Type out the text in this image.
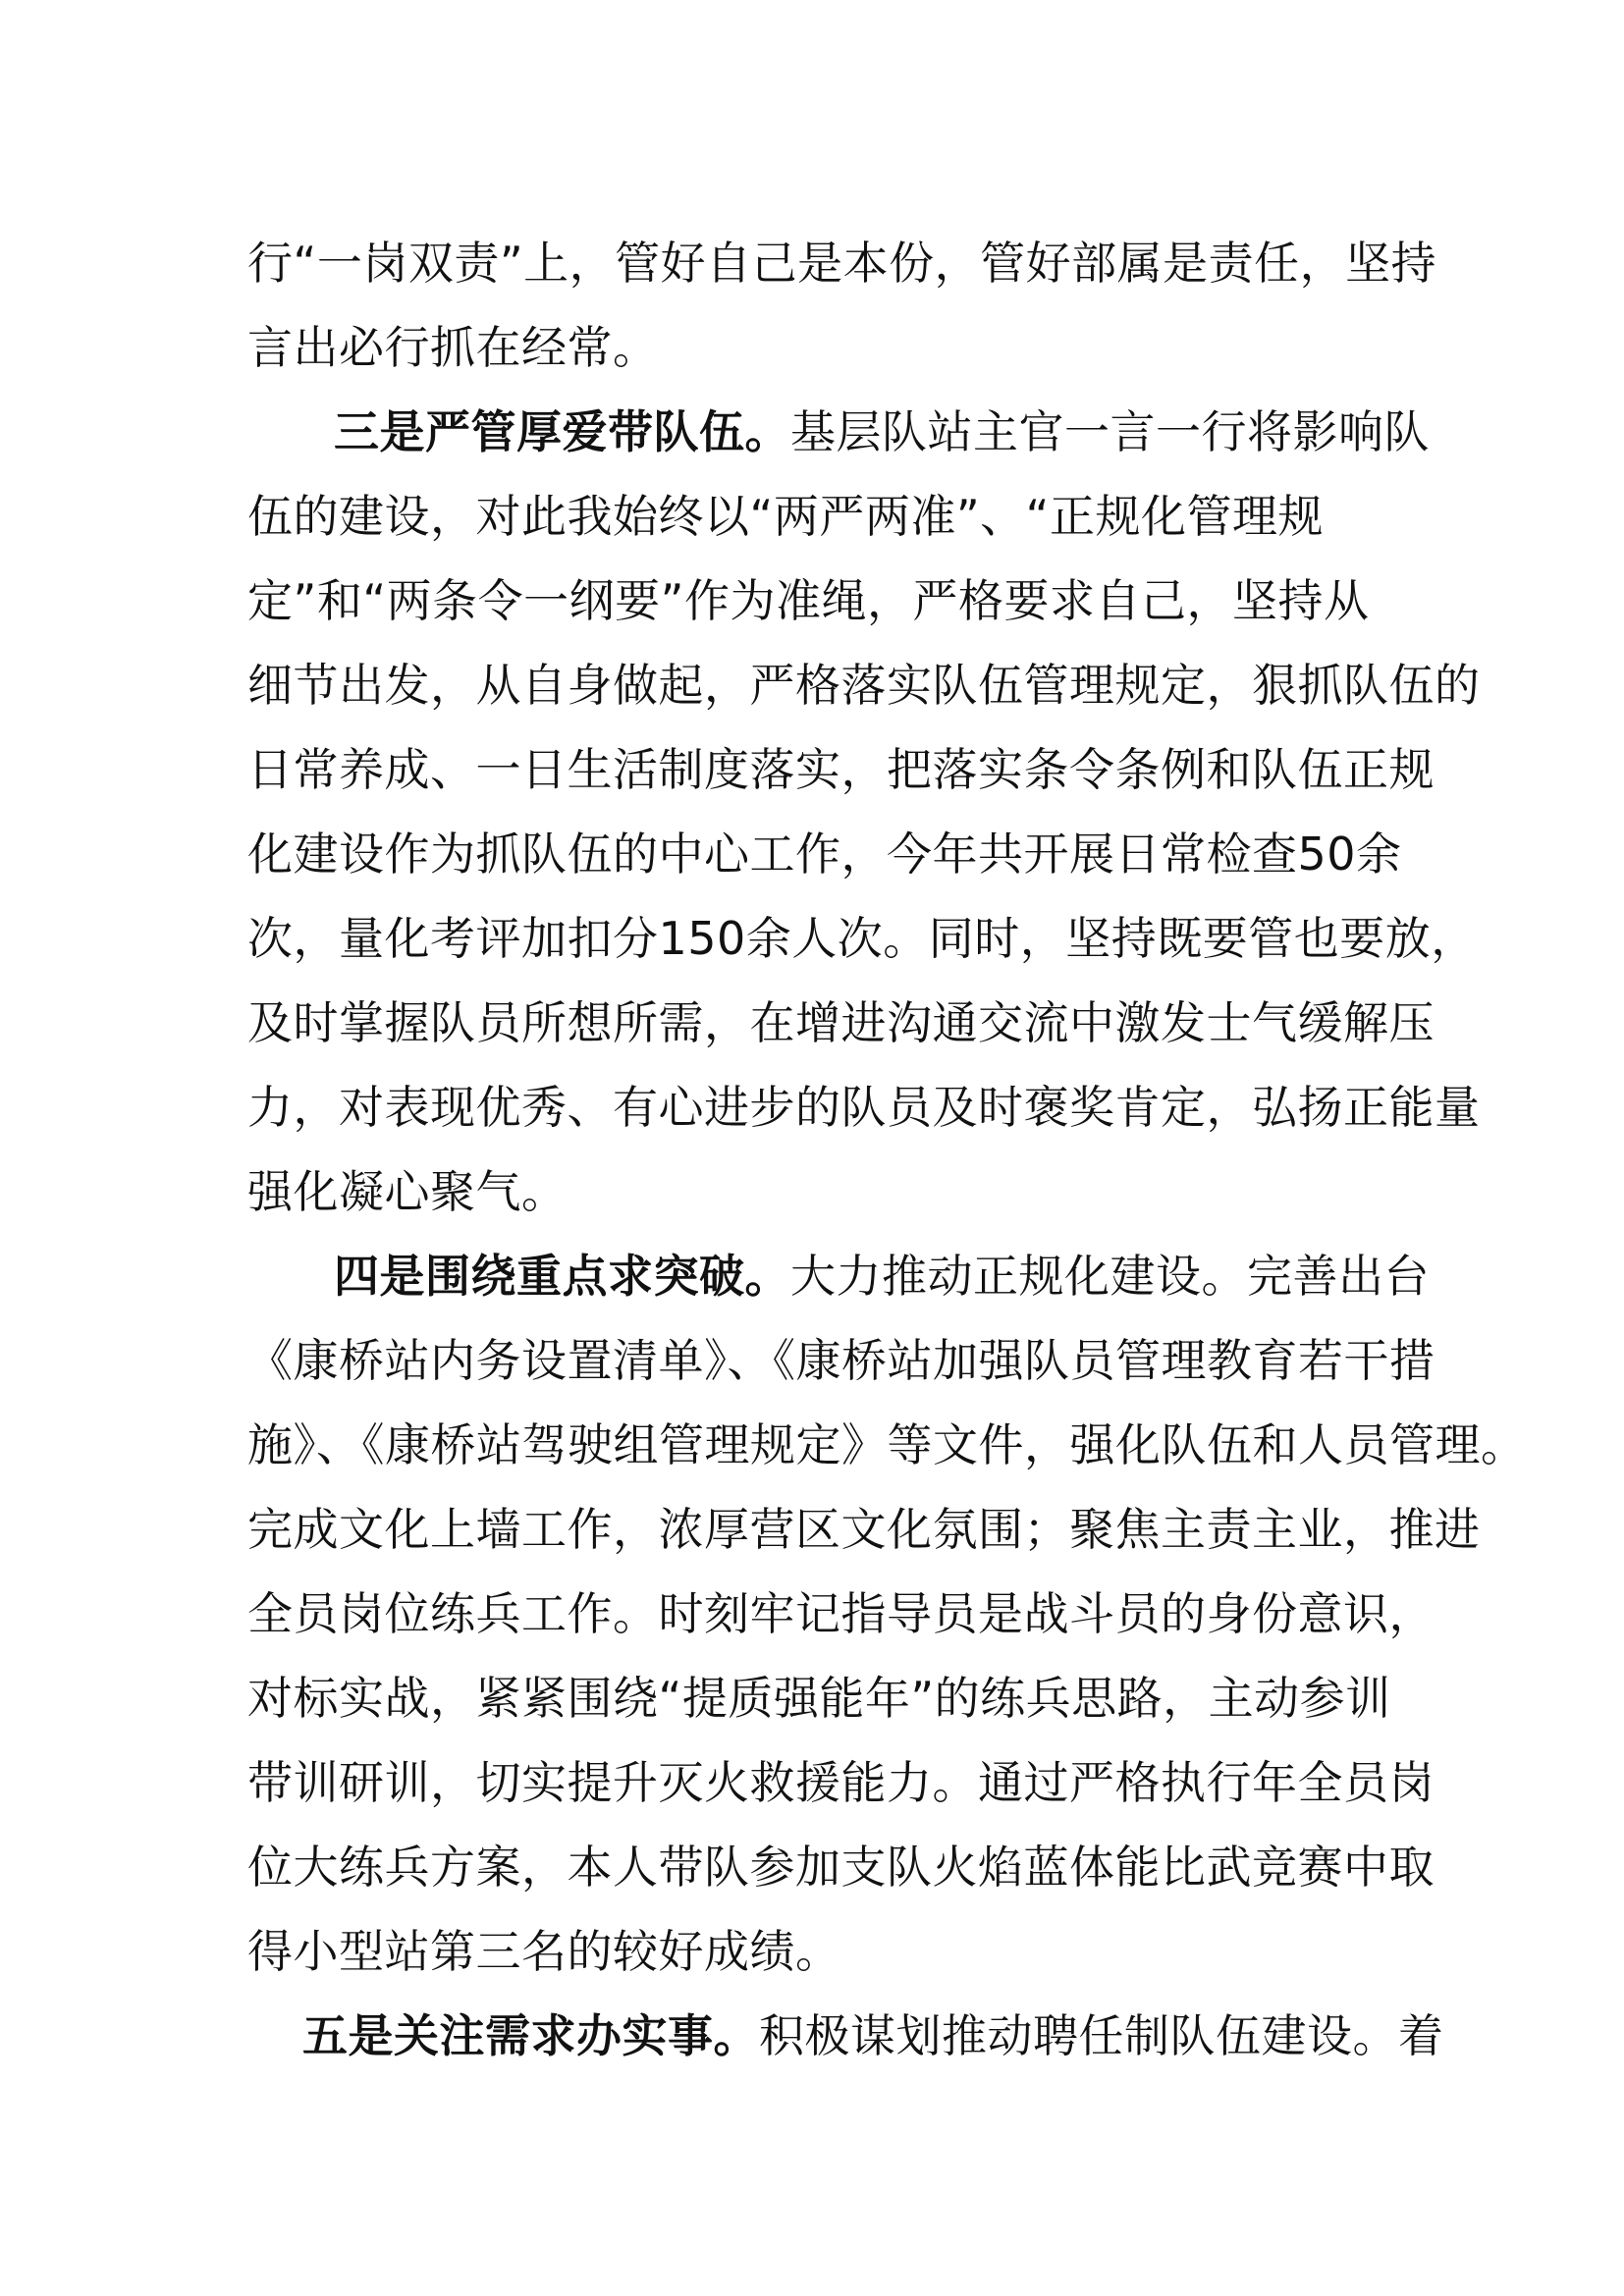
行“一岗双责”上，管好自己是本份，管好部属是责任，坚持
言出必行抓在经常。
三是严管厚爱带队伍。基层队站主官一言一行将影响队
伍的建设，对此我始终以“两严两准”、“正规化管理规
定”和“两条令一纲要”作为准绳，严格要求自己，坚持从
细节出发，从自身做起，严格落实队伍管理规定，狠抓队伍的
日常养成、一日生活制度落实，把落实条令条例和队伍正规
化建设作为抓队伍的中心工作，今年共开展日常检查50余
次，量化考评加扣分150余人次。同时，坚持既要管也要放，
及时掌握队员所想所需，在增进沟通交流中激发士气缓解压
力，对表现优秀、有心进步的队员及时褒奖肯定，弘扬正能量
强化凝心聚气。
四是围绕重点求突破。大力推动正规化建设。完善出台
《康桥站内务设置清单》、《康桥站加强队员管理教育若干措
施》、《康桥站驾驶组管理规定》等文件，强化队伍和人员管理。
完成文化上墙工作，浓厚营区文化氛围；聚焦主责主业，推进
全员岗位练兵工作。时刻牢记指导员是战斗员的身份意识，
对标实战，紧紧围绕“提质强能年”的练兵思路，主动参训
带训研训，切实提升灭火救援能力。通过严格执行年全员岗
位大练兵方案，本人带队参加支队火焰蓝体能比武竞赛中取
得小型站第三名的较好成绩。
五是关注需求办实事。积极谋划推动聘任制队伍建设。着
